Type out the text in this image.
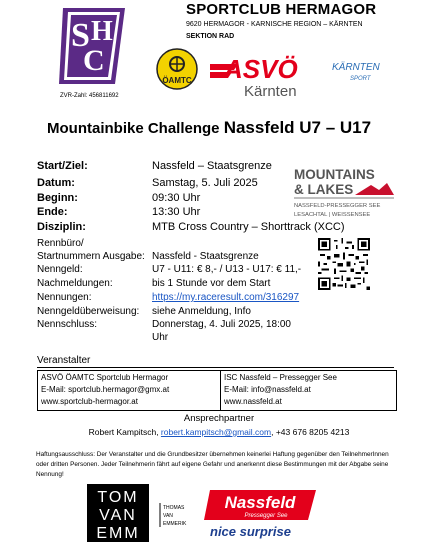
S H
C
SPORTCLUB HERMAGOR
9620 HERMAGOR - KARNISCHE REGION – KÄRNTEN
SEKTION RAD
ZVR-Zahl: 456811692
ÖAMTC ASVÖ
Kärnten
KÄRNTEN
SPORT
Mountainbike Challenge Nassfeld U7 – U17
Start/Ziel:	Nassfeld – Staatsgrenze
Datum:	Samstag, 5. Juli 2025
Beginn:	09:30 Uhr
Ende:	13:30 Uhr
Disziplin:	MTB Cross Country – Shorttrack (XCC)
Rennbüro/
Startnummern Ausgabe: Nassfeld - Staatsgrenze
Nenngeld:	U7 - U11: € 8,- / U13 - U17: € 11,-
Nachmeldungen:	bis 1 Stunde vor dem Start
Nennungen:	https://my.raceresult.com/316297
Nenngeldüberweisung: siehe Anmeldung, Info
Nennschluss:	Donnerstag, 4. Juli 2025, 18:00
Uhr
MOUNTAINS
& LAKES
NASSFELD-PRESSEGGER SEE
LESACHTAL | WEISSENSEE
Veranstalter
ASVÖ ÖAMTC Sportclub Hermagor
E-Mail: sportclub.hermagor@gmx.at
www.sportclub-hermagor.at
ISC Nassfeld – Pressegger See
E-Mail: info@nassfeld.at
www.nassfeld.at
Ansprechpartner
Robert Kampitsch, robert.kampitsch@gmail.com, +43 676 8205 4213
Haftungsausschluss: Der Veranstalter und die Grundbesitzer übernehmen keinerlei Haftung gegenüber den TeilnehmerInnen oder dritten Personen. Jeder Teilnehmerin fährt auf eigene Gefahr und anerkennt diese Bestimmungen mit der Abgabe seine Nennung!
TOM
VAN
EMM
THOMAS
VAN
EMMERIK
Nassfeld
Pressegger See
nice surprise
